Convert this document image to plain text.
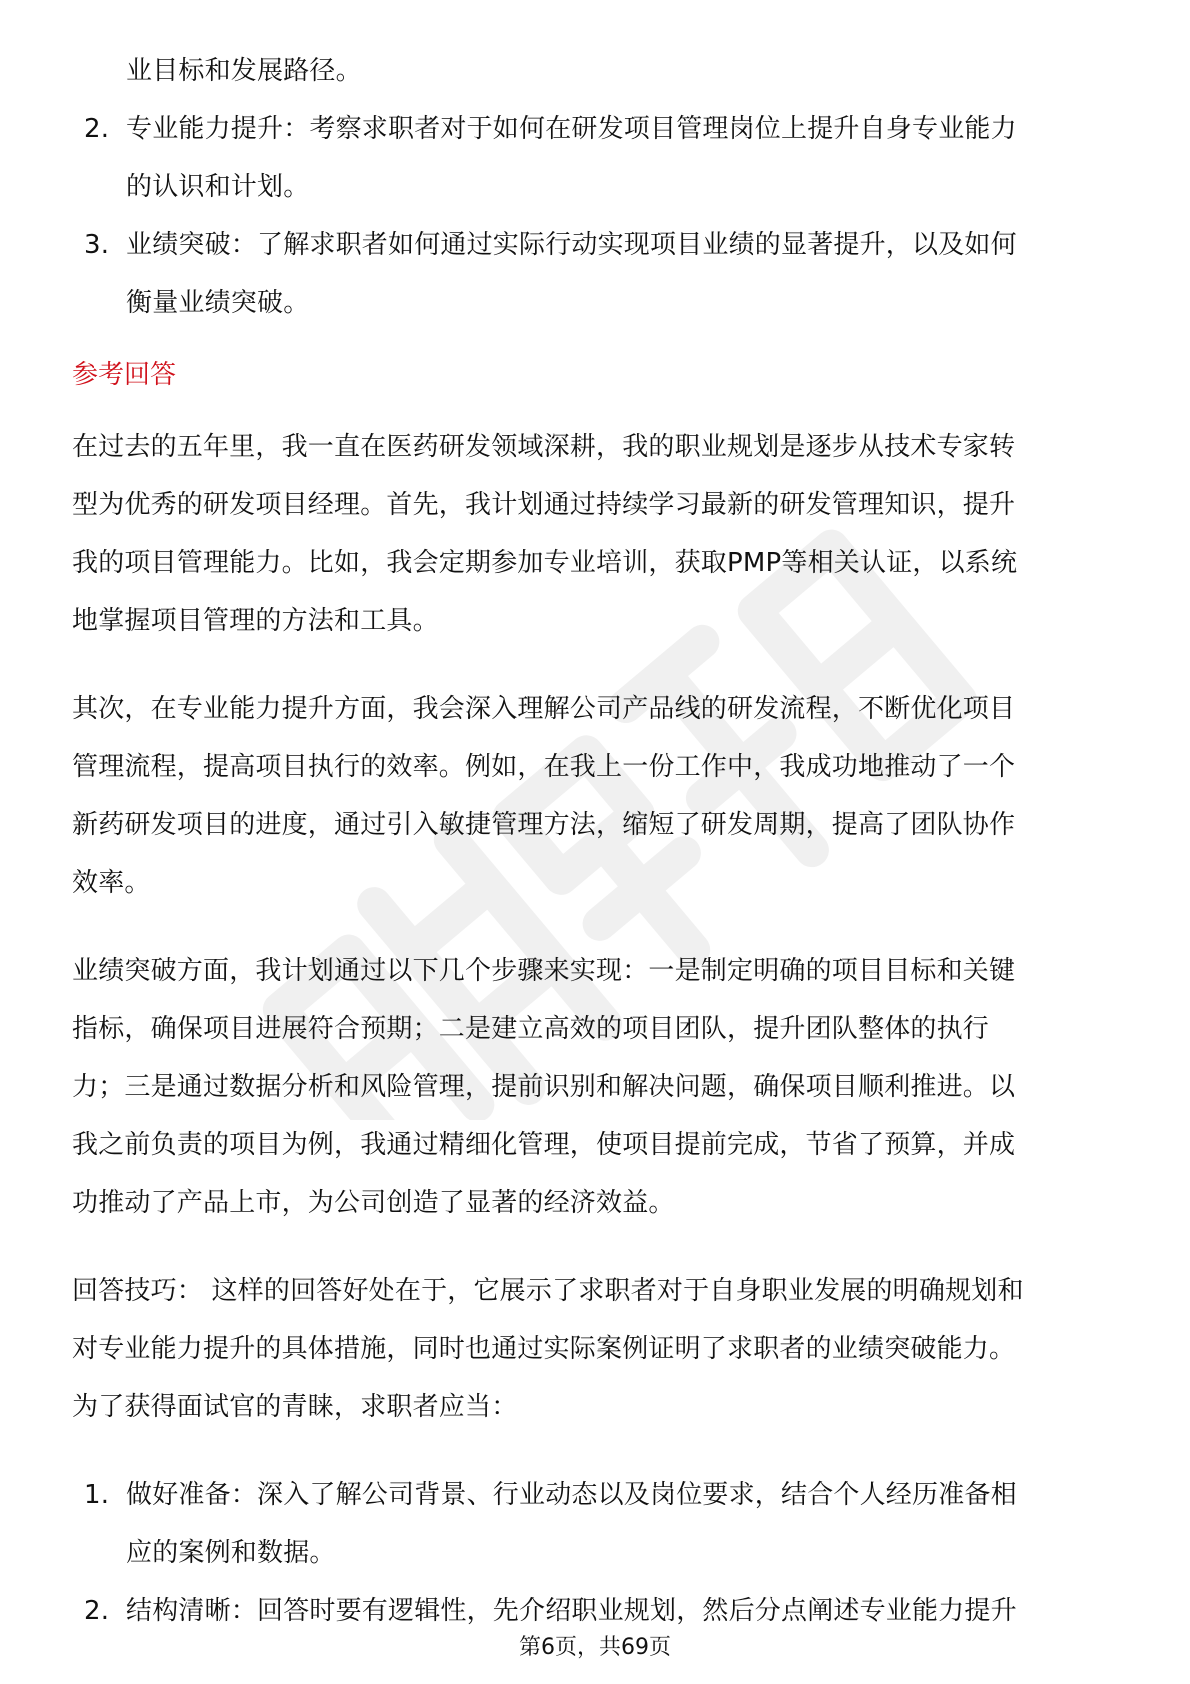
业目标和发展路径。

2. 专业能力提升：考察求职者对于如何在研发项目管理岗位上提升自身专业能力
的认识和计划。
3. 业绩突破：了解求职者如何通过实际行动实现项目业绩的显著提升，以及如何
衡量业绩突破。
参考回答

在过去的五年里，我一直在医药研发领域深耕，我的职业规划是逐步从技术专家转

型为优秀的研发项目经理。首先，我计划通过持续学习最新的研发管理知识，提升

我的项目管理能力。比如，我会定期参加专业培训，获取PMP等相关认证，以系统

地掌握项目管理的方法和工具。

其次，在专业能力提升方面，我会深入理解公司产品线的研发流程，不断优化项目

管理流程，提高项目执行的效率。例如，在我上一份工作中，我成功地推动了一个

新药研发项目的进度，通过引入敏捷管理方法，缩短了研发周期，提高了团队协作

效率。

业绩突破方面，我计划通过以下几个步骤来实现：一是制定明确的项目目标和关键

指标，确保项目进展符合预期；二是建立高效的项目团队，提升团队整体的执行

力；三是通过数据分析和风险管理，提前识别和解决问题，确保项目顺利推进。以

我之前负责的项目为例，我通过精细化管理，使项目提前完成，节省了预算，并成

功推动了产品上市，为公司创造了显著的经济效益。

回答技巧： 这样的回答好处在于，它展示了求职者对于自身职业发展的明确规划和

对专业能力提升的具体措施，同时也通过实际案例证明了求职者的业绩突破能力。

为了获得面试官的青睐，求职者应当：

1. 做好准备：深入了解公司背景、行业动态以及岗位要求，结合个人经历准备相
应的案例和数据。
2. 结构清晰：回答时要有逻辑性，先介绍职业规划，然后分点阐述专业能力提升
第6页，共69页
